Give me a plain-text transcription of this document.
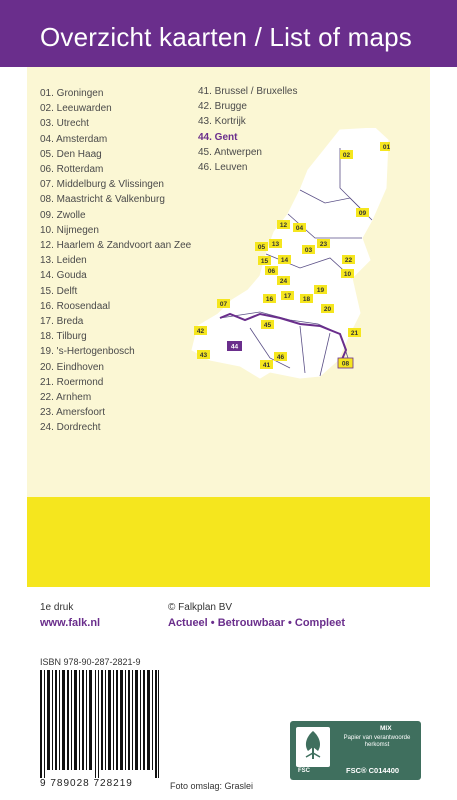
Overzicht kaarten / List of maps
01. Groningen
02. Leeuwarden
03. Utrecht
04. Amsterdam
05. Den Haag
06. Rotterdam
07. Middelburg & Vlissingen
08. Maastricht & Valkenburg
09. Zwolle
10. Nijmegen
12. Haarlem & Zandvoort aan Zee
13. Leiden
14. Gouda
15. Delft
16. Roosendaal
17. Breda
18. Tilburg
19. 's-Hertogenbosch
20. Eindhoven
21. Roermond
22. Arnhem
23. Amersfoort
24. Dordrecht
41. Brussel / Bruxelles
42. Brugge
43. Kortrijk
44. Gent
45. Antwerpen
46. Leuven
01
02
09
12 04
05 13
03
23
22
15 14
10
06
24
07
16 17 18
19
20
42
45
44
21
43
41
46
08
1e druk
www.falk.nl
© Falkplan BV
Actueel • Betrouwbaar • Compleet
ISBN 978-90-287-2821-9
9 789028 728219	Foto omslag: Graslei
FSC
MIX
Papier van verantwoorde herkomst
FSC® C014400
